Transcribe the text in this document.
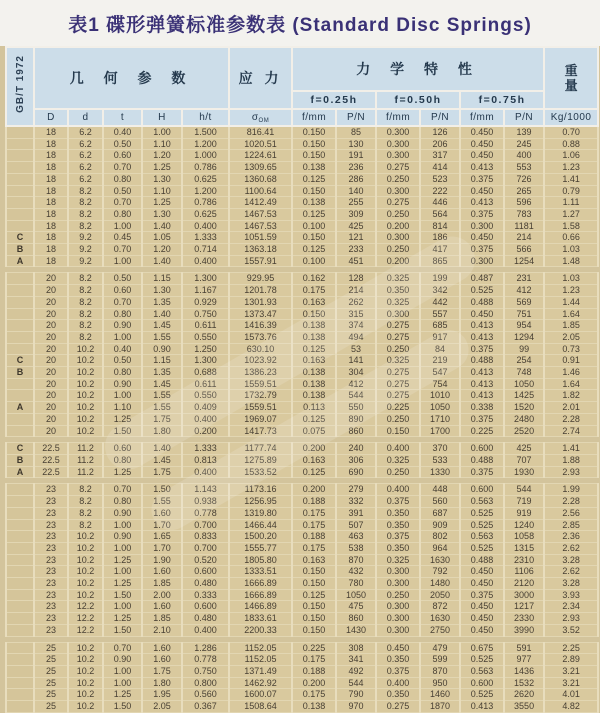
表1 碟形弹簧标准参数表 (Standard Disc Springs)
GB/T 1972	几 何 参 数					应 力	力 学 特 性						重
量

							f=0.25h		f=0.50h		f=0.75h		
	D	d	t	H	h/t	$\sigma_{OM}$	f/mm	P/N	f/mm	P/N	f/mm	P/N	Kg/1000
	18	6.2	0.40	1.00	1.500	816.41	0.150	85	0.300	126	0.450	139	0.70
	18	6.2	0.50	1.10	1.200	1020.51	0.150	130	0.300	206	0.450	245	0.88
	18	6.2	0.60	1.20	1.000	1224.61	0.150	191	0.300	317	0.450	400	1.06
	18	6.2	0.70	1.25	0.786	1309.65	0.138	236	0.275	414	0.413	553	1.23
	18	6.2	0.80	1.30	0.625	1360.68	0.125	286	0.250	523	0.375	726	1.41
	18	8.2	0.50	1.10	1.200	1100.64	0.150	140	0.300	222	0.450	265	0.79
	18	8.2	0.70	1.25	0.786	1412.49	0.138	255	0.275	446	0.413	596	1.11
	18	8.2	0.80	1.30	0.625	1467.53	0.125	309	0.250	564	0.375	783	1.27
	18	8.2	1.00	1.40	0.400	1467.53	0.100	425	0.200	814	0.300	1181	1.58
C	18	9.2	0.45	1.05	1.333	1051.59	0.150	121	0.300	186	0.450	214	0.66
B	18	9.2	0.70	1.20	0.714	1363.18	0.125	233	0.250	417	0.375	566	1.03
A	18	9.2	1.00	1.40	0.400	1557.91	0.100	451	0.200	865	0.300	1254	1.48

	20	8.2	0.50	1.15	1.300	929.95	0.162	128	0.325	199	0.487	231	1.03
	20	8.2	0.60	1.30	1.167	1201.78	0.175	214	0.350	342	0.525	412	1.23
	20	8.2	0.70	1.35	0.929	1301.93	0.163	262	0.325	442	0.488	569	1.44
	20	8.2	0.80	1.40	0.750	1373.47	0.150	315	0.300	557	0.450	751	1.64
	20	8.2	0.90	1.45	0.611	1416.39	0.138	374	0.275	685	0.413	954	1.85
	20	8.2	1.00	1.55	0.550	1573.76	0.138	494	0.275	917	0.413	1294	2.05
	20	10.2	0.40	0.90	1.250	630.10	0.125	53	0.250	84	0.375	99	0.73
C	20	10.2	0.50	1.15	1.300	1023.92	0.163	141	0.325	219	0.488	254	0.91
B	20	10.2	0.80	1.35	0.688	1386.23	0.138	304	0.275	547	0.413	748	1.46
	20	10.2	0.90	1.45	0.611	1559.51	0.138	412	0.275	754	0.413	1050	1.64
	20	10.2	1.00	1.55	0.550	1732.79	0.138	544	0.275	1010	0.413	1425	1.82
A	20	10.2	1.10	1.55	0.409	1559.51	0.113	550	0.225	1050	0.338	1520	2.01
	20	10.2	1.25	1.75	0.400	1969.07	0.125	890	0.250	1710	0.375	2480	2.28
	20	10.2	1.50	1.80	0.200	1417.73	0.075	860	0.150	1700	0.225	2520	2.74

C	22.5	11.2	0.60	1.40	1.333	1177.74	0.200	240	0.400	370	0.600	425	1.41
B	22.5	11.2	0.80	1.45	0.813	1275.89	0.163	306	0.325	533	0.488	707	1.88
A	22.5	11.2	1.25	1.75	0.400	1533.52	0.125	690	0.250	1330	0.375	1930	2.93

	23	8.2	0.70	1.50	1.143	1173.16	0.200	279	0.400	448	0.600	544	1.99
	23	8.2	0.80	1.55	0.938	1256.95	0.188	332	0.375	560	0.563	719	2.28
	23	8.2	0.90	1.60	0.778	1319.80	0.175	391	0.350	687	0.525	919	2.56
	23	8.2	1.00	1.70	0.700	1466.44	0.175	507	0.350	909	0.525	1240	2.85
	23	10.2	0.90	1.65	0.833	1500.20	0.188	463	0.375	802	0.563	1058	2.36
	23	10.2	1.00	1.70	0.700	1555.77	0.175	538	0.350	964	0.525	1315	2.62
	23	10.2	1.25	1.90	0.520	1805.80	0.163	870	0.325	1630	0.488	2310	3.28
	23	10.2	1.00	1.60	0.600	1333.51	0.150	432	0.300	792	0.450	1106	2.62
	23	10.2	1.25	1.85	0.480	1666.89	0.150	780	0.300	1480	0.450	2120	3.28
	23	10.2	1.50	2.00	0.333	1666.89	0.125	1050	0.250	2050	0.375	3000	3.93
	23	12.2	1.00	1.60	0.600	1466.89	0.150	475	0.300	872	0.450	1217	2.34
	23	12.2	1.25	1.85	0.480	1833.61	0.150	860	0.300	1630	0.450	2330	2.93
	23	12.2	1.50	2.10	0.400	2200.33	0.150	1430	0.300	2750	0.450	3990	3.52

	25	10.2	0.70	1.60	1.286	1152.05	0.225	308	0.450	479	0.675	591	2.25
	25	10.2	0.90	1.60	0.778	1152.05	0.175	341	0.350	599	0.525	977	2.89
	25	10.2	1.00	1.75	0.750	1371.49	0.188	492	0.375	870	0.563	1436	3.21
	25	10.2	1.00	1.80	0.800	1462.92	0.200	544	0.400	950	0.600	1532	3.21
	25	10.2	1.25	1.95	0.560	1600.07	0.175	790	0.350	1460	0.525	2620	4.01
	25	10.2	1.50	2.05	0.367	1508.64	0.138	970	0.275	1870	0.413	3550	4.82
